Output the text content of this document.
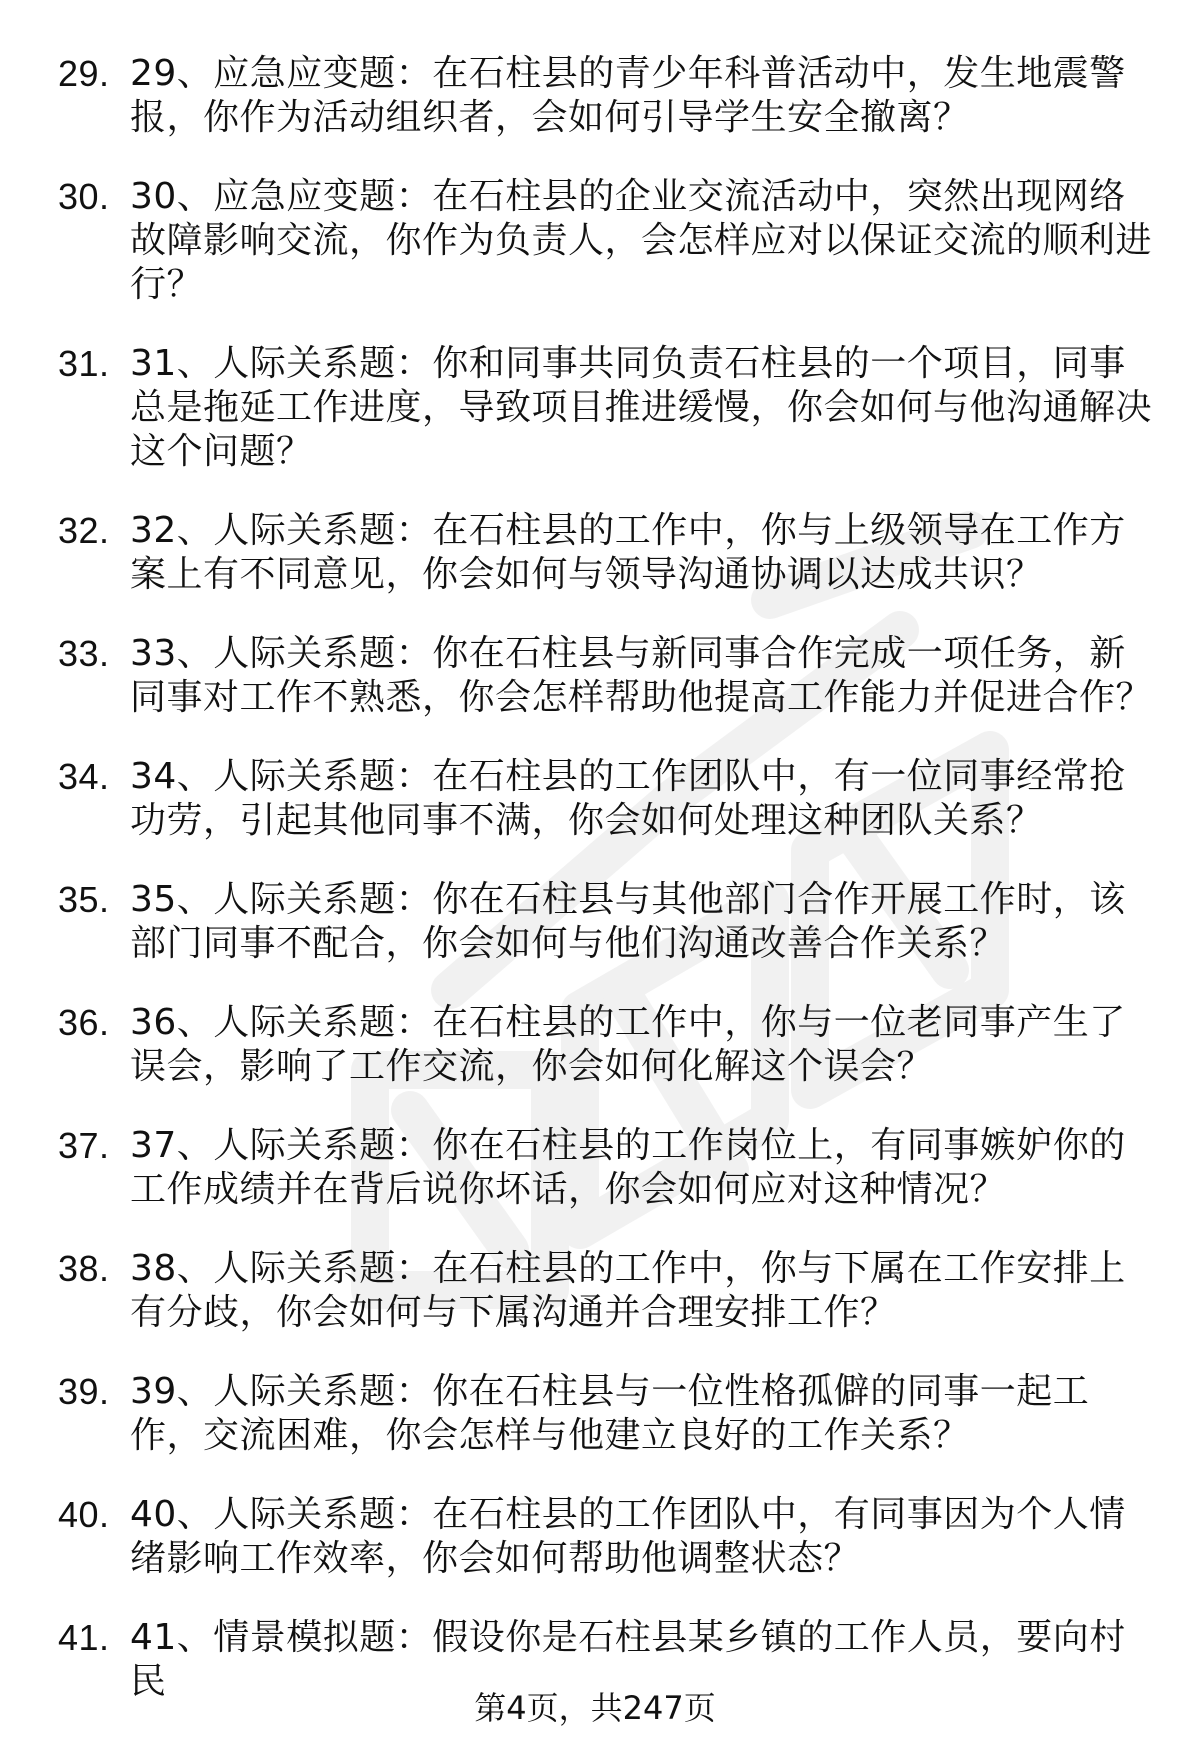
29. 29、应急应变题：在石柱县的青少年科普活动中，发生地震警报，你作为活动组织者，会如何引导学生安全撤离？
30. 30、应急应变题：在石柱县的企业交流活动中，突然出现网络故障影响交流，你作为负责人，会怎样应对以保证交流的顺利进行？
31. 31、人际关系题：你和同事共同负责石柱县的一个项目，同事总是拖延工作进度，导致项目推进缓慢，你会如何与他沟通解决这个问题？
32. 32、人际关系题：在石柱县的工作中，你与上级领导在工作方案上有不同意见，你会如何与领导沟通协调以达成共识？
33. 33、人际关系题：你在石柱县与新同事合作完成一项任务，新同事对工作不熟悉，你会怎样帮助他提高工作能力并促进合作？
34. 34、人际关系题：在石柱县的工作团队中，有一位同事经常抢功劳，引起其他同事不满，你会如何处理这种团队关系？
35. 35、人际关系题：你在石柱县与其他部门合作开展工作时，该部门同事不配合，你会如何与他们沟通改善合作关系？
36. 36、人际关系题：在石柱县的工作中，你与一位老同事产生了误会，影响了工作交流，你会如何化解这个误会？
37. 37、人际关系题：你在石柱县的工作岗位上，有同事嫉妒你的工作成绩并在背后说你坏话，你会如何应对这种情况？
38. 38、人际关系题：在石柱县的工作中，你与下属在工作安排上有分歧，你会如何与下属沟通并合理安排工作？
39. 39、人际关系题：你在石柱县与一位性格孤僻的同事一起工作，交流困难，你会怎样与他建立良好的工作关系？
40. 40、人际关系题：在石柱县的工作团队中，有同事因为个人情绪影响工作效率，你会如何帮助他调整状态？
41. 41、情景模拟题：假设你是石柱县某乡镇的工作人员，要向村民
第4页，共247页
